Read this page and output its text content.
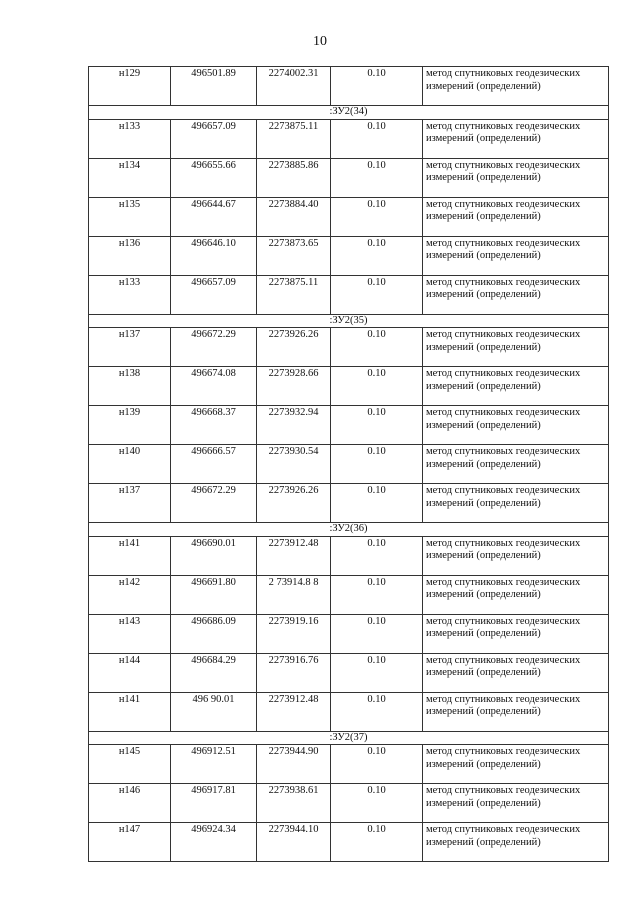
10
н129	496501.89	2274002.31	0.10	метод спутниковых геодезических измерений (определений)
:ЗУ2(34)				
н133	496657.09	2273875.11	0.10	метод спутниковых геодезических измерений (определений)
н134	496655.66	2273885.86	0.10	метод спутниковых геодезических измерений (определений)
н135	496644.67	2273884.40	0.10	метод спутниковых геодезических измерений (определений)
н136	496646.10	2273873.65	0.10	метод спутниковых геодезических измерений (определений)
н133	496657.09	2273875.11	0.10	метод спутниковых геодезических измерений (определений)
:ЗУ2(35)				
н137	496672.29	2273926.26	0.10	метод спутниковых геодезических измерений (определений)
н138	496674.08	2273928.66	0.10	метод спутниковых геодезических измерений (определений)
н139	496668.37	2273932.94	0.10	метод спутниковых геодезических измерений (определений)
н140	496666.57	2273930.54	0.10	метод спутниковых геодезических измерений (определений)
н137	496672.29	2273926.26	0.10	метод спутниковых геодезических измерений (определений)
:ЗУ2(36)				
н141	496690.01	2273912.48	0.10	метод спутниковых геодезических измерений (определений)
н142	496691.80	2 73914.8 8	0.10	метод спутниковых геодезических измерений (определений)
н143	496686.09	2273919.16	0.10	метод спутниковых геодезических измерений (определений)
н144	496684.29	2273916.76	0.10	метод спутниковых геодезических измерений (определений)
н141	496 90.01	2273912.48	0.10	метод спутниковых геодезических измерений (определений)
:ЗУ2(37)				
н145	496912.51	2273944.90	0.10	метод спутниковых геодезических измерений (определений)
н146	496917.81	2273938.61	0.10	метод спутниковых геодезических измерений (определений)
н147	496924.34	2273944.10	0.10	метод спутниковых геодезических измерений (определений)
